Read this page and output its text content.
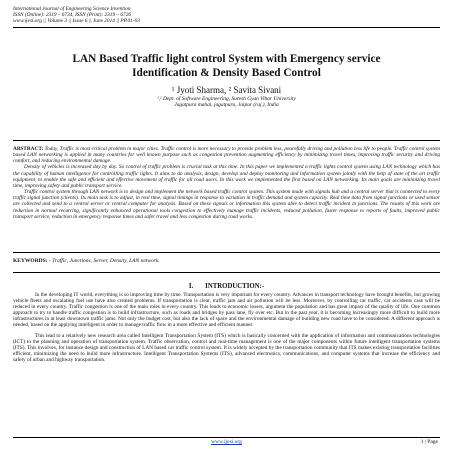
International Journal of Engineering Science Invention
ISSN (Online): 2319 – 6734, ISSN (Print): 2319 – 6726
www.ijesi.org || Volume 3 || Issue 6 || June 2014 || PP.01-03
LAN Based Traffic light control System with Emergency service
Identification & Density Based Control
¹ Jyoti Sharma, ² Savita Sivani
¹,² Dept. of Software Engineering, Suresh Gyan Vihar University
Jagatpura mahal, jagatpura, Jaipur (raj.), India

ABSTRACT: Today, Traffic is most critical problem in major cities. Traffic control is more necessary to provide problem less, peacefully driving and pollution less life to people. Traffic control system based LAN networking is applied in many countries for well known purpose such as congestion prevention augmenting efficiency by minimizing travel times, improving traffic security and driving comfort, and reducing environmental damage.

Density of vehicles is increased day by day. So control of traffic problem is crucial task at this time. In this paper we implemented a traffic lights control system using LAN technology which has the capability of human intelligence for controlling traffic lights. It aims to do analysis, design, develop and deploy monitoring and information system jointly with the help of state of the art traffic equipment, to enable the safe and efficient and effective movement of traffic for all road users. In this work we implemented the first based on LAN networking. Its main goals are minimizing travel time, improving safety and public transport service.

Traffic control system through LAN network is to design and implement the network based traffic control system. This system made with signals hub and a central server that is connected to every traffic signal junction (clients). Its main task is to adjust, in real time, signal timings in response to variation in traffic demand and system capacity. Real time data from signal junctions or used sensor are collected and send to a central server or central computer for analysis. Based on these signals or information this system able to detect traffic incident in junctions. The results of this work are reduction in normal recurring, significantly enhanced operational tools congestion to effectively manage traffic incidents, reduced pollution, faster response to reports of faults, improved public transport service, reduction in emergency response times and safer travel and less congestion during road works.

KEYWORDS: - Traffic, Junctions, Server, Density, LAN network.
I. INTRODUCTION:-

In the developing IT world, everything is so improving time by time. Transportation is very important for every country. Advances in transport technology have brought benefits, but growing vehicle fleets and escalating fuel use have also created problems. If transportation is clear, traffic jam and air pollution will be less. Moreover, by controlling car traffic, car accidents case will be reduced in every country. Traffic congestion is one of the main roles in every country. This leads to economic losses, argument the population and has great impact of the quality of life. One common approach to try to handle traffic congestion is to build infrastructure, such as roads and bridges by pass lane, fly over etc. But in the past year, it is becoming increasingly more difficult to build more infrastructures in at least downtown traffic jams. Not only the budget cost, but also the lack of space and the environmental damage of building new road have to be considered. A different approach is needed, based on the applying intelligent in order to manage traffic flow in a more effective and efficient manner.

This lead to a relatively new research area called Intelligent Transportation System (ITS) which is basically concerned with the application of information and communications technologies (ICT) to the planning and operation of transportation system. Traffic observation, control and real-time management is one of the major components within future intelligent transportation systems (ITS). This involves, for instance design and construction of LAN based car traffic control system. It is widely accepted by the transportation community that ITS makes existing transportation facilities efficient, minimizing the need to build more infrastructure. Intelligent Transportation Systems (ITS), advanced electronics, communications, and computer systems that increase the efficiency and safety of urban and highway transportation.

www.ijesi.org	1 | Page
